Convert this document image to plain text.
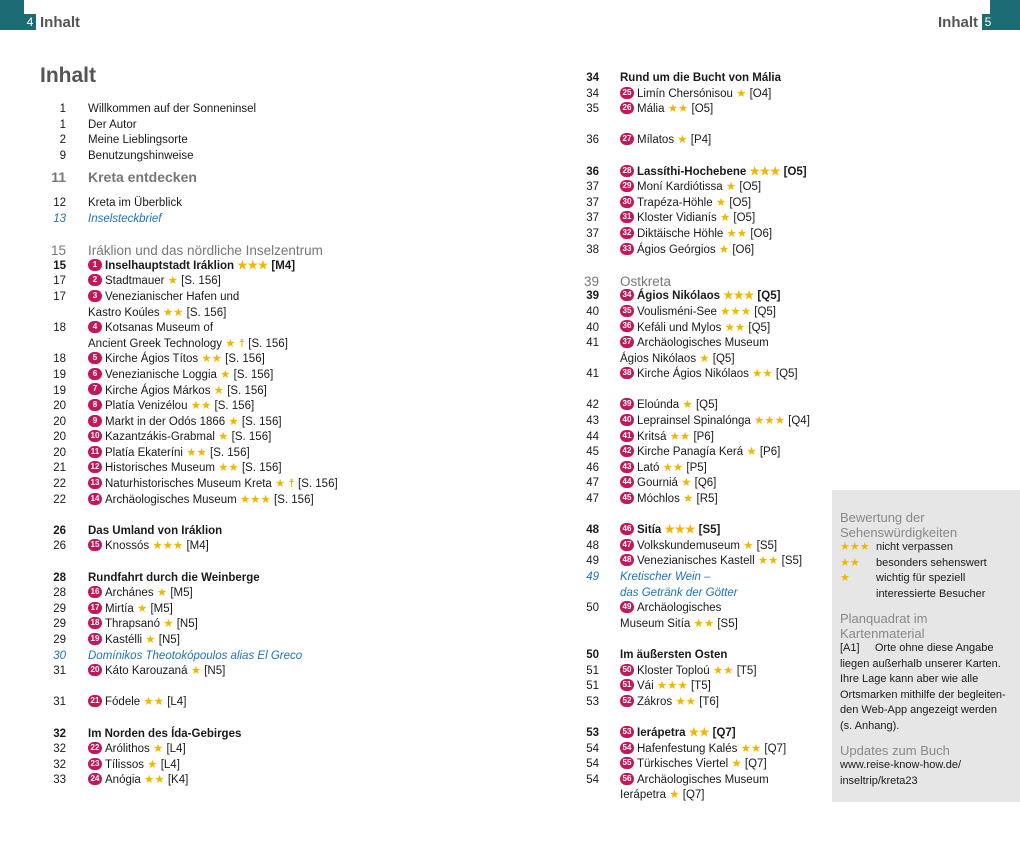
4 Inhalt	5
Inhalt
Inhalt
1 Willkommen auf der Sonneninsel
1 Der Autor
2 Meine Lieblingsorte
9 Benutzungshinweise
11 Kreta entdecken
12 Kreta im Überblick
13 Inselsteckbrief
15 Iráklion und das nördliche Inselzentrum
15	1 Inselhauptstadt Iráklion ★★★ [M4]
17	2 Stadtmauer ★ [S. 156]
17	3 Venezianischer Hafen und
Kastro Koúles ★★ [S. 156]
18	4 Kotsanas Museum of
Ancient Greek Technology ★ ☨ [S. 156]
18	5 Kirche Ágios Títos ★★ [S. 156]
19	6 Venezianische Loggia ★ [S. 156]
19	7 Kirche Ágios Márkos ★ [S. 156]
20	8 Platía Venizélou ★★ [S. 156]
20	9 Markt in der Odós 1866 ★ [S. 156]
20	10 Kazantzákis-Grabmal ★ [S. 156]
20	11 Platía Ekateríni ★★ [S. 156]
21	12 Historisches Museum ★★ [S. 156]
22	13 Naturhistorisches Museum Kreta ★ ☨ [S. 156]
22	14 Archäologisches Museum ★★★ [S. 156]
26 Das Umland von Iráklion
26	15 Knossós ★★★ [M4]
28 Rundfahrt durch die Weinberge
28	16 Archánes ★ [M5]
29	17 Mirtía ★ [M5]
29	18 Thrapsanó ★ [N5]
29	19 Kastélli ★ [N5]
30 Domínikos Theotokópoulos alias El Greco
31	20 Káto Karouzaná ★ [N5]
31	21 Fódele ★★ [L4]
32 Im Norden des Ída-Gebirges
32	22 Arólithos ★ [L4]
32	23 Tílissos ★ [L4]
33	24 Anógia ★★ [K4]
34 Rund um die Bucht von Mália
34	25 Limín Chersónisou ★ [O4]
35	26 Mália ★★ [O5]
36	27 Mílatos ★ [P4]
36	28 Lassíthi-Hochebene ★★★ [O5]
37	29 Moní Kardiótissa ★ [O5]
37	30 Trapéza-Höhle ★ [O5]
37	31 Kloster Vidianís ★ [O5]
37	32 Diktäische Höhle ★★ [O6]
38	33 Ágios Geórgios ★ [O6]
39 Ostkreta
39	34 Ágios Nikólaos ★★★ [Q5]
40	35 Voulisméni-See ★★★ [Q5]
40	36 Kefáli und Mylos ★★ [Q5]
41	37 Archäologisches Museum
Ágios Nikólaos ★ [Q5]
41	38 Kirche Ágios Nikólaos ★★ [Q5]
42	39 Eloúnda ★ [Q5]
43	40 Leprainsel Spinalónga ★★★ [Q4]
44	41 Kritsá ★★ [P6]
45	42 Kirche Panagía Kerá ★ [P6]
46	43 Lató ★★ [P5]
47	44 Gourniá ★ [Q6]
47	45 Móchlos ★ [R5]
48	46 Sitía ★★★ [S5]
48	47 Volkskundemuseum ★ [S5]
49	48 Venezianisches Kastell ★★ [S5]
49 Kretischer Wein –
das Getränk der Götter
50	49 Archäologisches
Museum Sitía ★★ [S5]
50 Im äußersten Osten
51	50 Kloster Toploú ★★ [T5]
51	51 Vái ★★★ [T5]
53	52 Zákros ★★ [T6]
53	53 Ierápetra ★★ [Q7]
54	54 Hafenfestung Kalés ★★ [Q7]
54	55 Türkisches Viertel ★ [Q7]
54	56 Archäologisches Museum
Ierápetra ★ [Q7]
Bewertung der
Sehenswürdigkeiten
★★★ nicht verpassen
★★ besonders sehenswert
★ wichtig für speziell
interessierte Besucher
Planquadrat im Kartenmaterial
[A1]     Orte ohne diese Angabe
liegen außerhalb unserer Karten.
Ihre Lage kann aber wie alle
Ortsmarken mithilfe der begleiten-
den Web-App angezeigt werden
(s. Anhang).
Updates zum Buch
www.reise-know-how.de/
inseltrip/kreta23
